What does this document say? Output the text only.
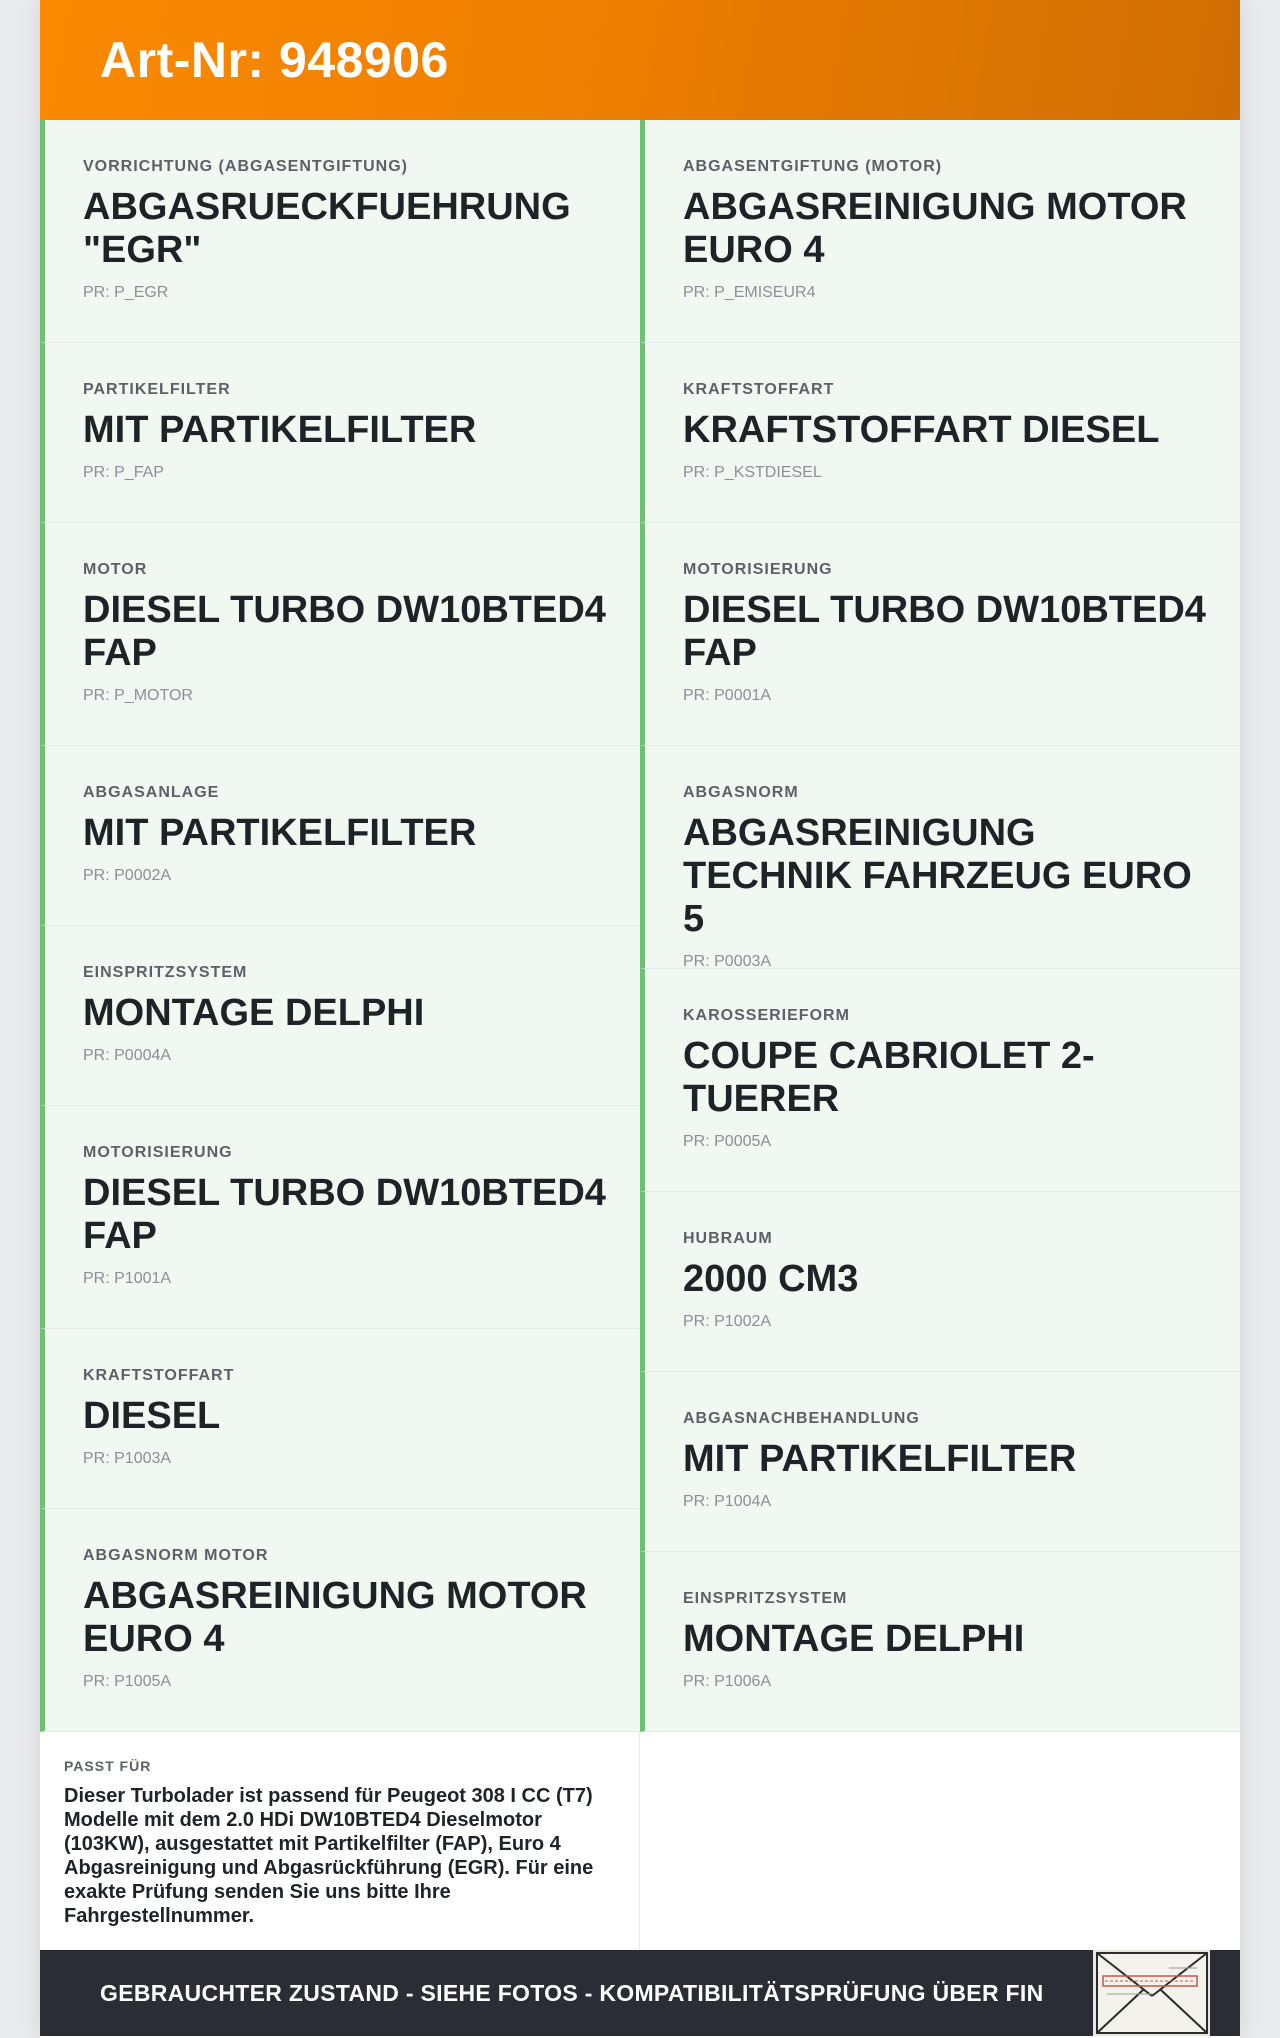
Art-Nr: 948906
VORRICHTUNG (ABGASENTGIFTUNG)
ABGASRUECKFUEHRUNG "EGR"
PR: P_EGR
PARTIKELFILTER
MIT PARTIKELFILTER
PR: P_FAP
MOTOR
DIESEL TURBO DW10BTED4 FAP
PR: P_MOTOR
ABGASANLAGE
MIT PARTIKELFILTER
PR: P0002A
EINSPRITZSYSTEM
MONTAGE DELPHI
PR: P0004A
MOTORISIERUNG
DIESEL TURBO DW10BTED4 FAP
PR: P1001A
KRAFTSTOFFART
DIESEL
PR: P1003A
ABGASNORM MOTOR
ABGASREINIGUNG MOTOR EURO 4
PR: P1005A
ABGASENTGIFTUNG (MOTOR)
ABGASREINIGUNG MOTOR EURO 4
PR: P_EMISEUR4
KRAFTSTOFFART
KRAFTSTOFFART DIESEL
PR: P_KSTDIESEL
MOTORISIERUNG
DIESEL TURBO DW10BTED4 FAP
PR: P0001A
ABGASNORM
ABGASREINIGUNG TECHNIK FAHRZEUG EURO 5
PR: P0003A
KAROSSERIEFORM
COUPE CABRIOLET 2-TUERER
PR: P0005A
HUBRAUM
2000 CM3
PR: P1002A
ABGASNACHBEHANDLUNG
MIT PARTIKELFILTER
PR: P1004A
EINSPRITZSYSTEM
MONTAGE DELPHI
PR: P1006A
PASST FÜR
Dieser Turbolader ist passend für Peugeot 308 I CC (T7) Modelle mit dem 2.0 HDi DW10BTED4 Dieselmotor (103KW), ausgestattet mit Partikelfilter (FAP), Euro 4 Abgasreinigung und Abgasrückführung (EGR). Für eine exakte Prüfung senden Sie uns bitte Ihre Fahrgestellnummer.
GEBRAUCHTER ZUSTAND - SIEHE FOTOS - KOMPATIBILITÄTSPRÜFUNG ÜBER FIN
